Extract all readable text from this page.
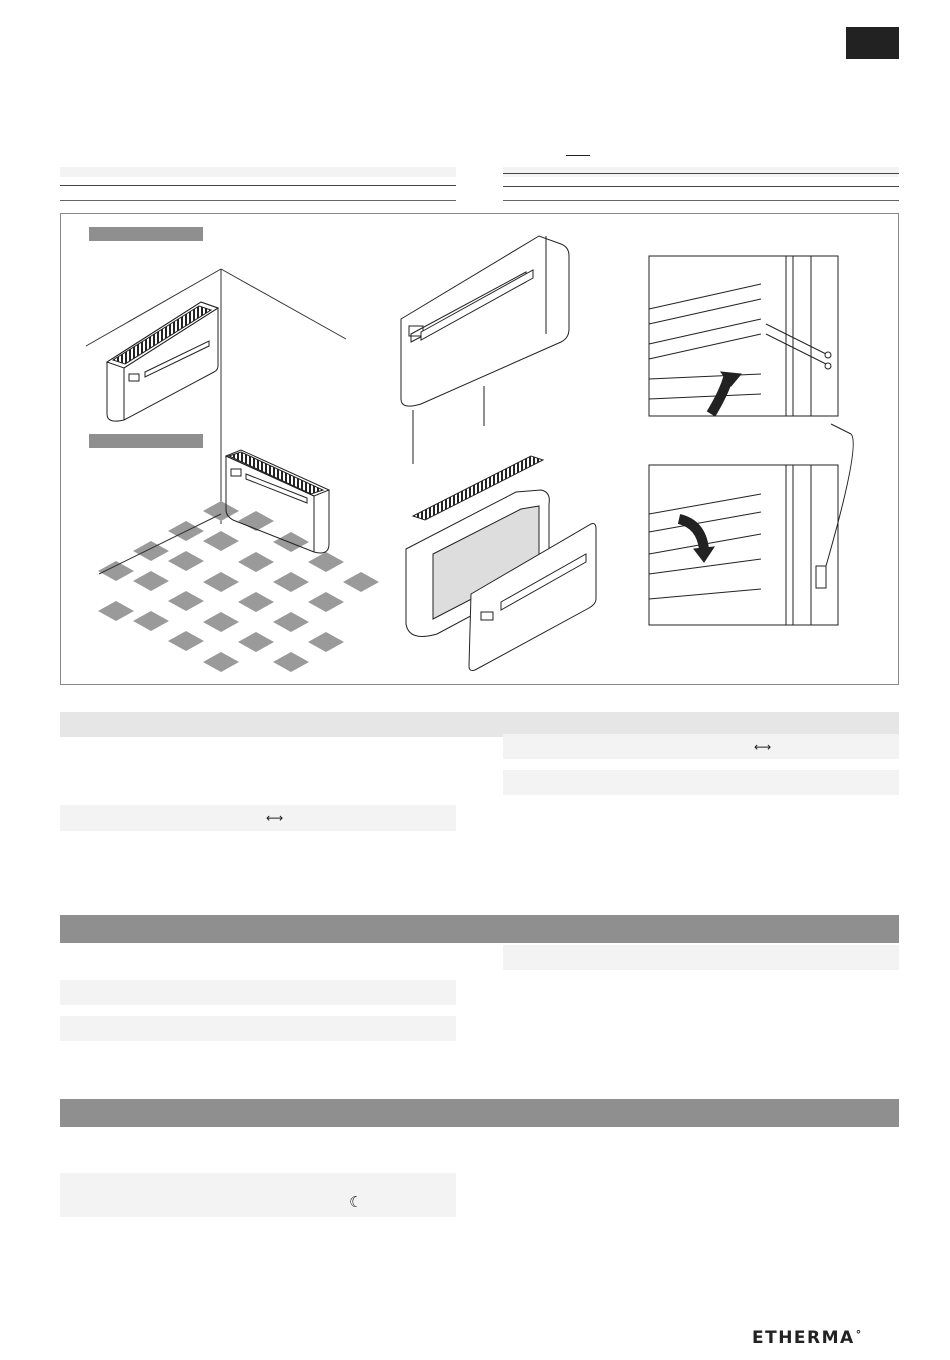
⟷
⟷
☾
ETHERMA°
